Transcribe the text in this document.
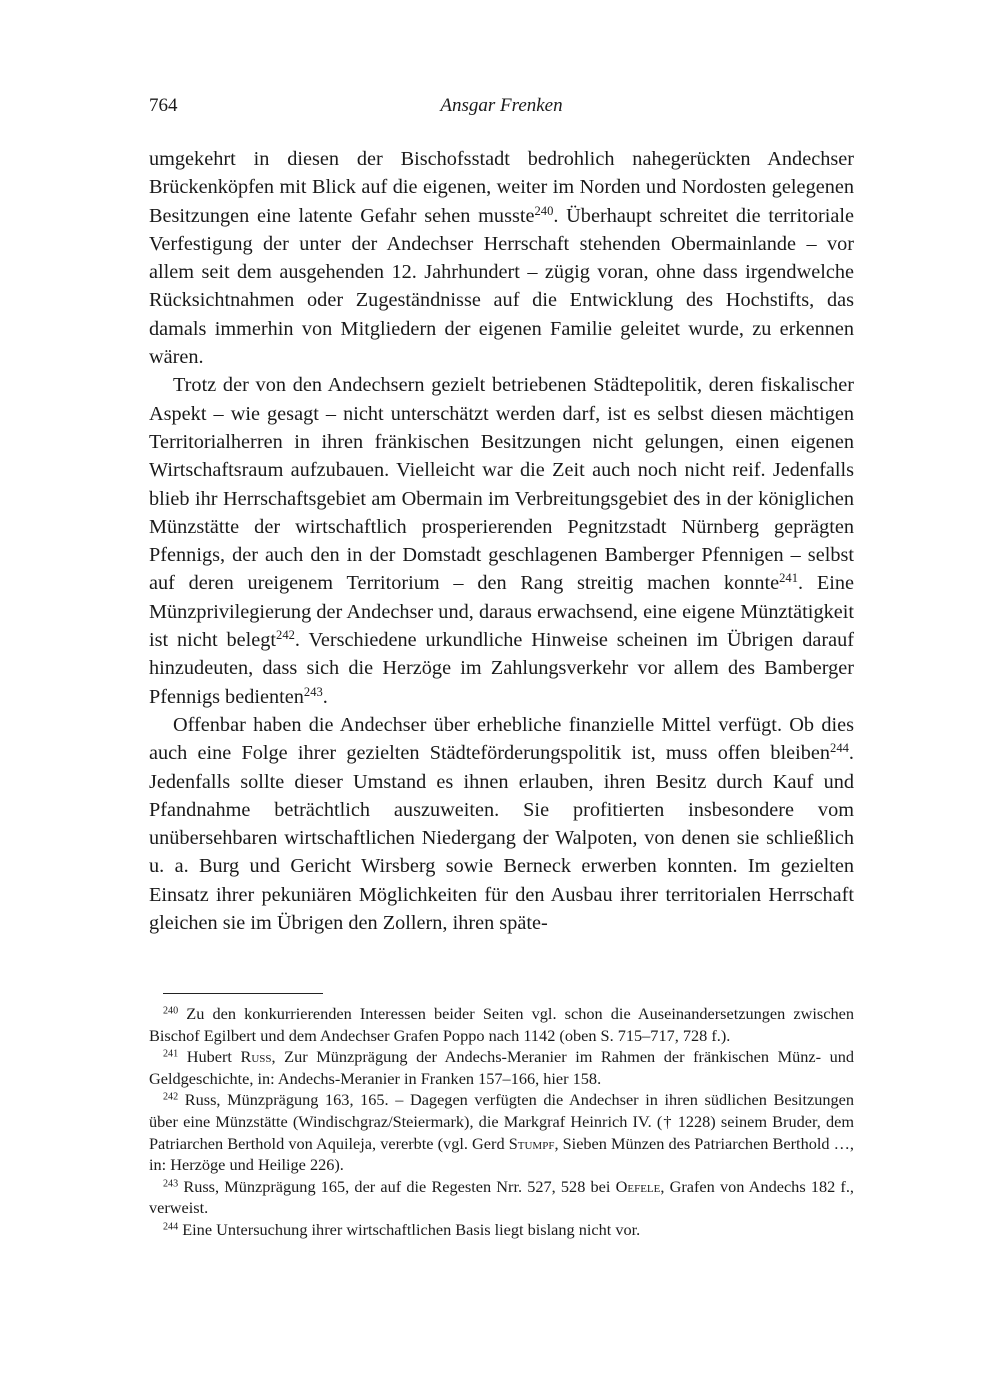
764	Ansgar Frenken

umgekehrt in diesen der Bischofsstadt bedrohlich nahegerückten Andechser Brückenköpfen mit Blick auf die eigenen, weiter im Norden und Nordosten gelegenen Besitzungen eine latente Gefahr sehen musste$^{240}$. Überhaupt schreitet die territoriale Verfestigung der unter der Andechser Herrschaft stehenden Obermainlande – vor allem seit dem ausgehenden 12. Jahrhundert – zügig voran, ohne dass irgendwelche Rücksichtnahmen oder Zugeständnisse auf die Entwicklung des Hochstifts, das damals immerhin von Mitgliedern der eigenen Familie geleitet wurde, zu erkennen wären.

Trotz der von den Andechsern gezielt betriebenen Städtepolitik, deren fiskalischer Aspekt – wie gesagt – nicht unterschätzt werden darf, ist es selbst diesen mächtigen Territorialherren in ihren fränkischen Besitzungen nicht gelungen, einen eigenen Wirtschaftsraum aufzubauen. Vielleicht war die Zeit auch noch nicht reif. Jedenfalls blieb ihr Herrschaftsgebiet am Obermain im Verbreitungsgebiet des in der königlichen Münzstätte der wirtschaftlich prosperierenden Pegnitzstadt Nürnberg geprägten Pfennigs, der auch den in der Domstadt geschlagenen Bamberger Pfennigen – selbst auf deren ureigenem Territorium – den Rang streitig machen konnte$^{241}$. Eine Münzprivilegierung der Andechser und, daraus erwachsend, eine eigene Münztätigkeit ist nicht belegt$^{242}$. Verschiedene urkundliche Hinweise scheinen im Übrigen darauf hinzudeuten, dass sich die Herzöge im Zahlungsverkehr vor allem des Bamberger Pfennigs bedienten$^{243}$.

Offenbar haben die Andechser über erhebliche finanzielle Mittel verfügt. Ob dies auch eine Folge ihrer gezielten Städteförderungspolitik ist, muss offen bleiben$^{244}$. Jedenfalls sollte dieser Umstand es ihnen erlauben, ihren Besitz durch Kauf und Pfandnahme beträchtlich auszuweiten. Sie profitierten insbesondere vom unübersehbaren wirtschaftlichen Niedergang der Walpoten, von denen sie schließlich u. a. Burg und Gericht Wirsberg sowie Berneck erwerben konnten. Im gezielten Einsatz ihrer pekuniären Möglichkeiten für den Ausbau ihrer territorialen Herrschaft gleichen sie im Übrigen den Zollern, ihren späte-

$^{240}$ Zu den konkurrierenden Interessen beider Seiten vgl. schon die Auseinandersetzungen zwischen Bischof Egilbert und dem Andechser Grafen Poppo nach 1142 (oben S. 715–717, 728 f.).

$^{241}$ Hubert Russ, Zur Münzprägung der Andechs-Meranier im Rahmen der fränkischen Münz- und Geldgeschichte, in: Andechs-Meranier in Franken 157–166, hier 158.

$^{242}$ Russ, Münzprägung 163, 165. – Dagegen verfügten die Andechser in ihren südlichen Besitzungen über eine Münzstätte (Windischgraz/Steiermark), die Markgraf Heinrich IV. († 1228) seinem Bruder, dem Patriarchen Berthold von Aquileja, vererbte (vgl. Gerd Stumpf, Sieben Münzen des Patriarchen Berthold …, in: Herzöge und Heilige 226).

$^{243}$ Russ, Münzprägung 165, der auf die Regesten Nrr. 527, 528 bei Oefele, Grafen von Andechs 182 f., verweist.

$^{244}$ Eine Untersuchung ihrer wirtschaftlichen Basis liegt bislang nicht vor.
